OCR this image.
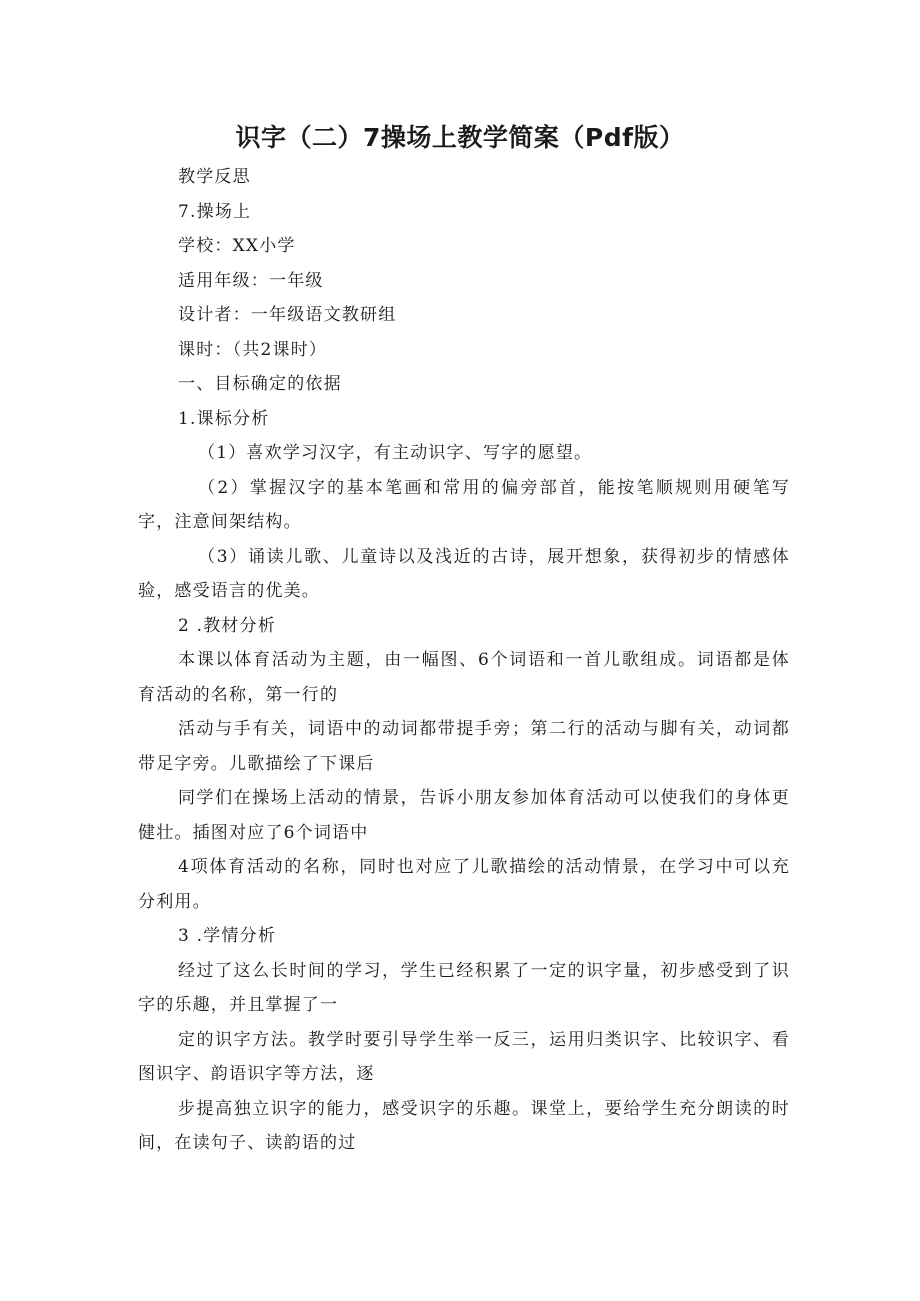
识字（二）7操场上教学简案（Pdf版）

教学反思

7.操场上

学校：XX小学

适用年级：一年级

设计者：一年级语文教研组

课时：（共2课时）

一、目标确定的依据

1.课标分析

（1）喜欢学习汉字，有主动识字、写字的愿望。

（2）掌握汉字的基本笔画和常用的偏旁部首，能按笔顺规则用硬笔写字，注意间架结构。

（3）诵读儿歌、儿童诗以及浅近的古诗，展开想象，获得初步的情感体验，感受语言的优美。

2 .教材分析

本课以体育活动为主题，由一幅图、6个词语和一首儿歌组成。词语都是体育活动的名称，第一行的

活动与手有关，词语中的动词都带提手旁；第二行的活动与脚有关，动词都带足字旁。儿歌描绘了下课后

同学们在操场上活动的情景，告诉小朋友参加体育活动可以使我们的身体更健壮。插图对应了6个词语中

4项体育活动的名称，同时也对应了儿歌描绘的活动情景，在学习中可以充分利用。

3 .学情分析

经过了这么长时间的学习，学生已经积累了一定的识字量，初步感受到了识字的乐趣，并且掌握了一

定的识字方法。教学时要引导学生举一反三，运用归类识字、比较识字、看图识字、韵语识字等方法，逐

步提高独立识字的能力，感受识字的乐趣。课堂上，要给学生充分朗读的时间，在读句子、读韵语的过
